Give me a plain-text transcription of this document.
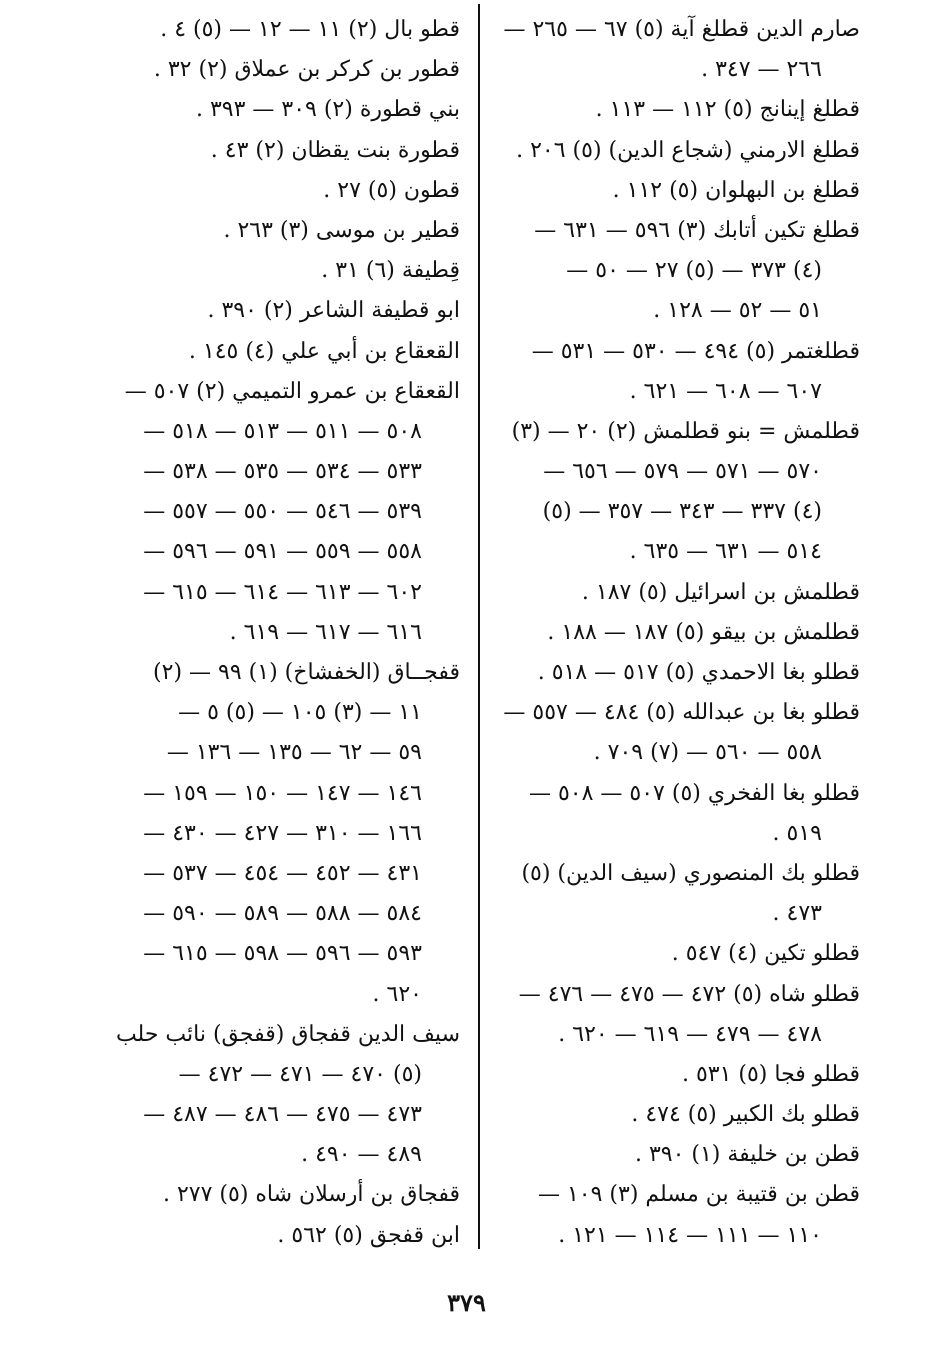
صارم الدين قطلغ آية (٥) ٦٧ — ٢٦٥ —
٢٦٦ — ٣٤٧ .
قطلغ إينانج (٥) ١١٢ — ١١٣ .
قطلغ الارمني (شجاع الدين) (٥) ٢٠٦ .
قطلغ بن البهلوان (٥) ١١٢ .
قطلغ تكين أتابك (٣) ٥٩٦ — ٦٣١ —
(٤) ٣٧٣ — (٥) ٢٧ — ٥٠ —
٥١ — ٥٢ — ١٢٨ .
قطلغتمر (٥) ٤٩٤ — ٥٣٠ — ٥٣١ —
٦٠٧ — ٦٠٨ — ٦٢١ .
قطلمش = بنو قطلمش (٢) ٢٠ — (٣)
٥٧٠ — ٥٧١ — ٥٧٩ — ٦٥٦ —
(٤) ٣٣٧ — ٣٤٣ — ٣٥٧ — (٥)
٥١٤ — ٦٣١ — ٦٣٥ .
قطلمش بن اسرائيل (٥) ١٨٧ .
قطلمش بن بيقو (٥) ١٨٧ — ١٨٨ .
قطلو بغا الاحمدي (٥) ٥١٧ — ٥١٨ .
قطلو بغا بن عبدالله (٥) ٤٨٤ — ٥٥٧ —
٥٥٨ — ٥٦٠ — (٧) ٧٠٩ .
قطلو بغا الفخري (٥) ٥٠٧ — ٥٠٨ —
٥١٩ .
قطلو بك المنصوري (سيف الدين) (٥)
٤٧٣ .
قطلو تكين (٤) ٥٤٧ .
قطلو شاه (٥) ٤٧٢ — ٤٧٥ — ٤٧٦ —
٤٧٨ — ٤٧٩ — ٦١٩ — ٦٢٠ .
قطلو فجا (٥) ٥٣١ .
قطلو بك الكبير (٥) ٤٧٤ .
قطن بن خليفة (١) ٣٩٠ .
قطن بن قتيبة بن مسلم (٣) ١٠٩ —
١١٠ — ١١١ — ١١٤ — ١٢١ .
قطو بال (٢) ١١ — ١٢ — (٥) ٤ .
قطور بن كركر بن عملاق (٢) ٣٢ .
بني قطورة (٢) ٣٠٩ — ٣٩٣ .
قطورة بنت يقظان (٢) ٤٣ .
قطون (٥) ٢٧ .
قطير بن موسى (٣) ٢٦٣ .
قِطيفة (٦) ٣١ .
ابو قطيفة الشاعر (٢) ٣٩٠ .
القعقاع بن أبي علي (٤) ١٤٥ .
القعقاع بن عمرو التميمي (٢) ٥٠٧ —
٥٠٨ — ٥١١ — ٥١٣ — ٥١٨ —
٥٣٣ — ٥٣٤ — ٥٣٥ — ٥٣٨ —
٥٣٩ — ٥٤٦ — ٥٥٠ — ٥٥٧ —
٥٥٨ — ٥٥٩ — ٥٩١ — ٥٩٦ —
٦٠٢ — ٦١٣ — ٦١٤ — ٦١٥ —
٦١٦ — ٦١٧ — ٦١٩ .
قفجــاق (الخفشاخ) (١) ٩٩ — (٢)
١١ — (٣) ١٠٥ — (٥) ٥ —
٥٩ — ٦٢ — ١٣٥ — ١٣٦ —
١٤٦ — ١٤٧ — ١٥٠ — ١٥٩ —
١٦٦ — ٣١٠ — ٤٢٧ — ٤٣٠ —
٤٣١ — ٤٥٢ — ٤٥٤ — ٥٣٧ —
٥٨٤ — ٥٨٨ — ٥٨٩ — ٥٩٠ —
٥٩٣ — ٥٩٦ — ٥٩٨ — ٦١٥ —
٦٢٠ .
سيف الدين قفجاق (قفجق) نائب حلب
(٥) ٤٧٠ — ٤٧١ — ٤٧٢ —
٤٧٣ — ٤٧٥ — ٤٨٦ — ٤٨٧ —
٤٨٩ — ٤٩٠ .
قفجاق بن أرسلان شاه (٥) ٢٧٧ .
ابن قفجق (٥) ٥٦٢ .
٣٧٩
